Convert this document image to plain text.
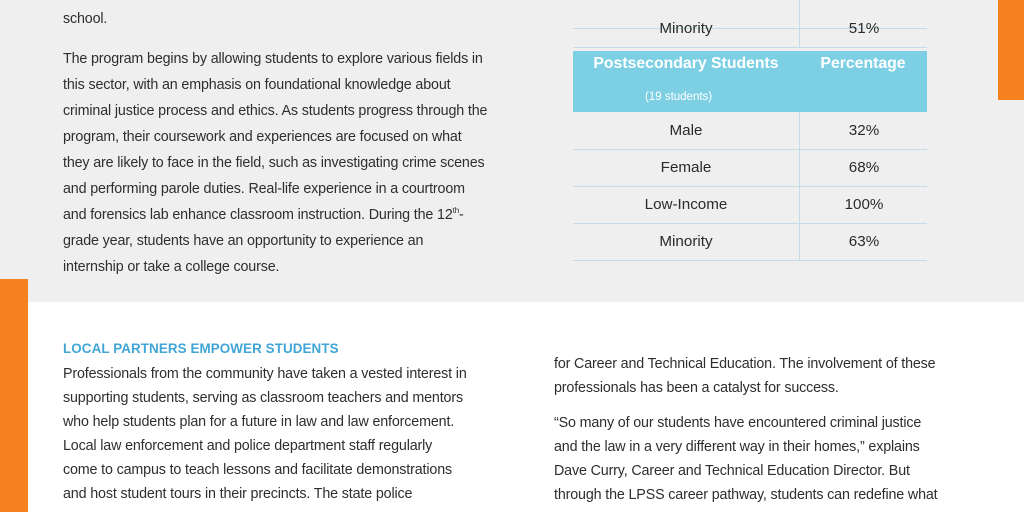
school.

The program begins by allowing students to explore various fields in
this sector, with an emphasis on foundational knowledge about
criminal justice process and ethics. As students progress through the
program, their coursework and experiences are focused on what
they are likely to face in the field, such as investigating crime scenes
and performing parole duties. Real-life experience in a courtroom
and forensics lab enhance classroom instruction. During the 12th-
grade year, students have an opportunity to experience an
internship or take a college course.

Minority	51%
Postsecondary Students	Percentage
(19 students)
Male	32%
Female	68%
Low-Income	100%
Minority	63%
LOCAL PARTNERS EMPOWER STUDENTS

Professionals from the community have taken a vested interest in
supporting students, serving as classroom teachers and mentors
who help students plan for a future in law and law enforcement.
Local law enforcement and police department staff regularly
come to campus to teach lessons and facilitate demonstrations
and host student tours in their precincts. The state police

for Career and Technical Education. The involvement of these
professionals has been a catalyst for success.

“So many of our students have encountered criminal justice
and the law in a very different way in their homes,” explains
Dave Curry, Career and Technical Education Director. But
through the LPSS career pathway, students can redefine what
